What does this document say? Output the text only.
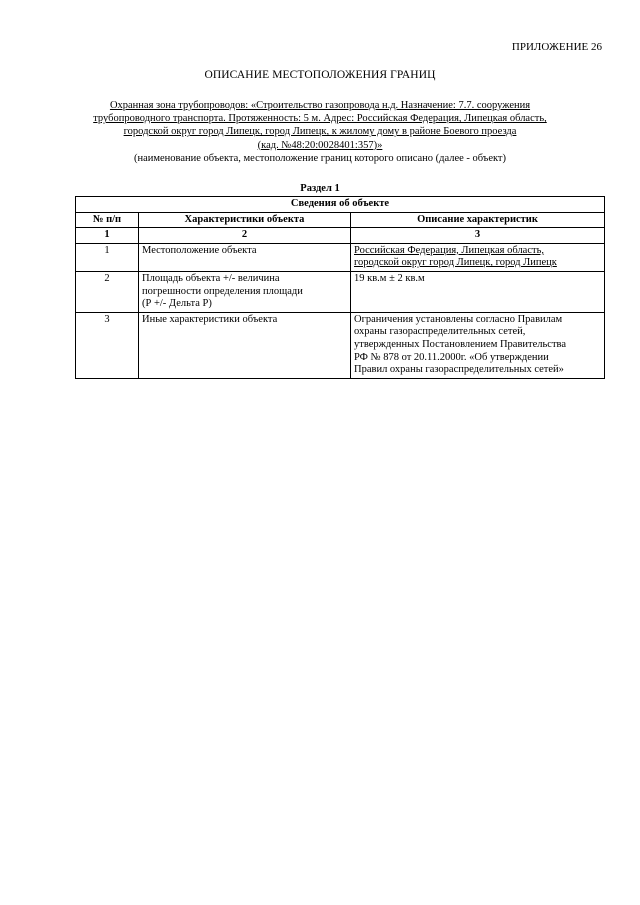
ПРИЛОЖЕНИЕ 26
ОПИСАНИЕ МЕСТОПОЛОЖЕНИЯ ГРАНИЦ
Охранная зона трубопроводов: «Строительство газопровода н.д. Назначение: 7.7. сооружения
трубопроводного транспорта. Протяженность: 5 м. Адрес: Российская Федерация, Липецкая область,
городской округ город Липецк, город Липецк, к жилому дому в районе Боевого проезда
(кад. №48:20:0028401:357)»
(наименование объекта, местоположение границ которого описано (далее - объект)
Раздел 1
Сведения об объекте		
№ п/п	Характеристики объекта	Описание характеристик
1	2	3
1	Местоположение объекта	Российская Федерация, Липецкая область,
городской округ город Липецк, город Липецк

2	Площадь объекта +/- величина
погрешности определения площади
(Р +/- Дельта Р)	19 кв.м ± 2 кв.м
3	Иные характеристики объекта	Ограничения установлены согласно Правилам
охраны газораспределительных сетей,
утвержденных Постановлением Правительства
РФ № 878 от 20.11.2000г. «Об утверждении
Правил охраны газораспределительных сетей»
